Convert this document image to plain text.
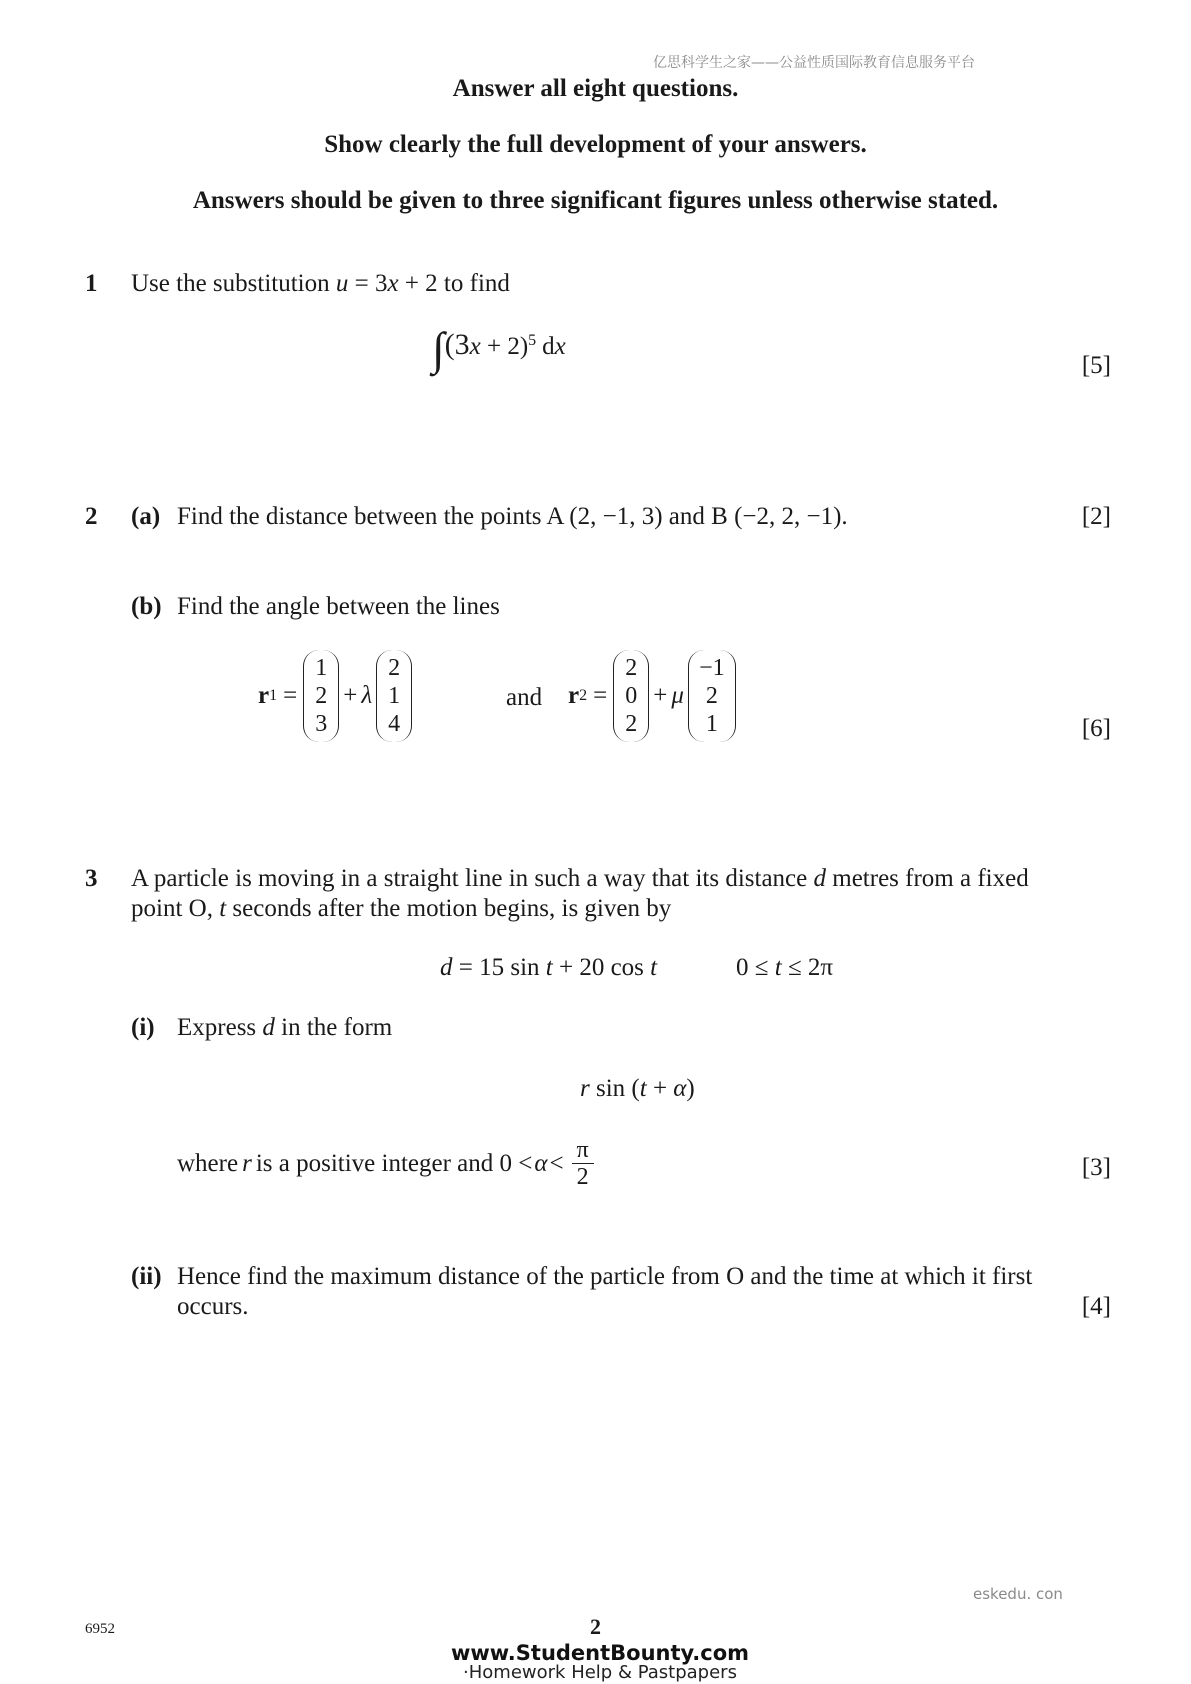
亿思科学生之家——公益性质国际教育信息服务平台
Answer all eight questions.
Show clearly the full development of your answers.
Answers should be given to three significant figures unless otherwise stated.
1 Use the substitution u = 3x + 2 to find
$\int(3x + 2)^5$ dx
[5]
2 (a) Find the distance between the points A (2, −1, 3) and B (−2, 2, −1).	[2]
(b) Find the angle between the lines
r 1 =
1
2
3
+ λ
2
1
4
and r 2 =
2
0
2
+ μ
−1
2
1	[6]
3 A particle is moving in a straight line in such a way that its distance d metres from a fixed
point O, t seconds after the motion begins, is given by
d = 15 sin t + 20 cos t	0 ≤ t ≤ 2π
(i) Express d in the form
r sin (t + α)
where r is a positive integer and $0 < \alpha < \frac{\pi}{2}$	[3]
(ii) Hence find the maximum distance of the particle from O and the time at which it first
occurs.	[4]
eskedu. con
6952	2
www.StudentBounty.com
·Homework Help & Pastpapers
